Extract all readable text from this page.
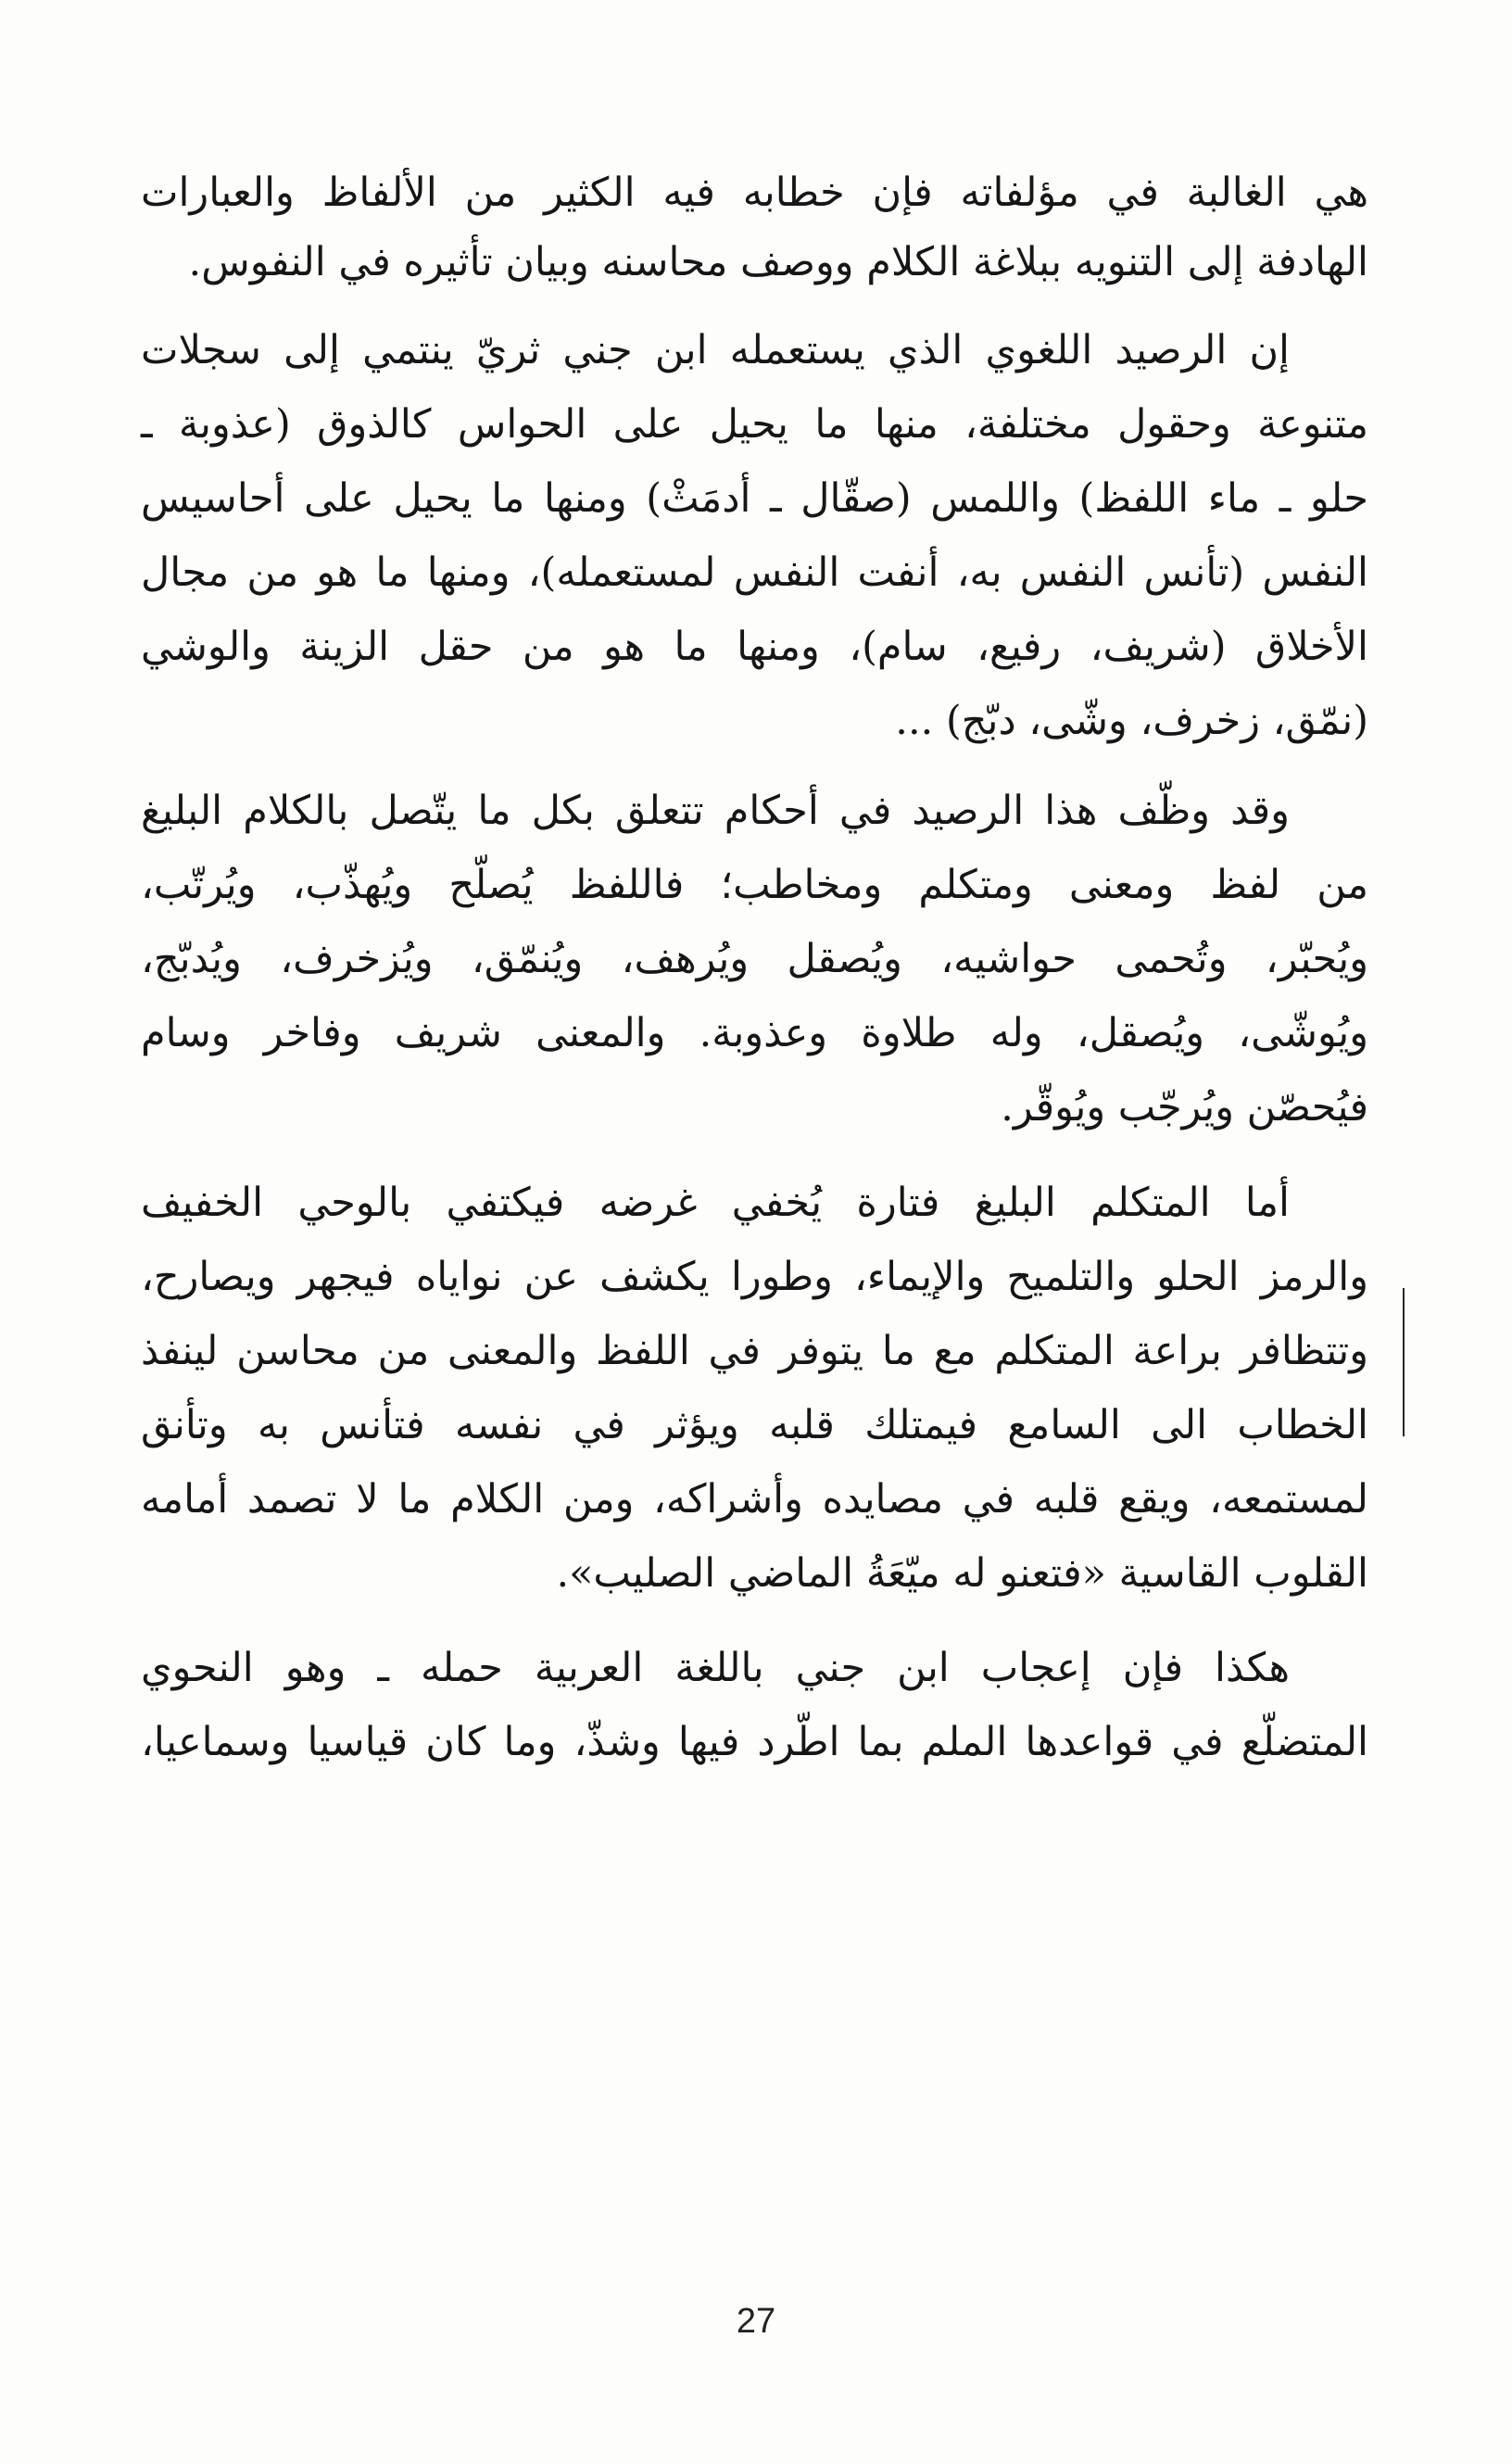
هي الغالبة في مؤلفاته فإن خطابه فيه الكثير من الألفاظ والعبارات
الهادفة إلى التنويه ببلاغة الكلام ووصف محاسنه وبيان تأثيره في النفوس.
إن الرصيد اللغوي الذي يستعمله ابن جني ثريّ ينتمي إلى سجلات
متنوعة وحقول مختلفة، منها ما يحيل على الحواس كالذوق (عذوبة ـ
حلو ـ ماء اللفظ) واللمس (صقّال ـ أدمَثْ) ومنها ما يحيل على أحاسيس
النفس (تأنس النفس به، أنفت النفس لمستعمله)، ومنها ما هو من مجال
الأخلاق (شريف، رفيع، سام)، ومنها ما هو من حقل الزينة والوشي
(نمّق، زخرف، وشّى، دبّج) ...
وقد وظّف هذا الرصيد في أحكام تتعلق بكل ما يتّصل بالكلام البليغ
من لفظ ومعنى ومتكلم ومخاطب؛ فاللفظ يُصلّح ويُهذّب، ويُرتّب،
ويُحبّر، وتُحمى حواشيه، ويُصقل ويُرهف، ويُنمّق، ويُزخرف، ويُدبّج،
ويُوشّى، ويُصقل، وله طلاوة وعذوبة. والمعنى شريف وفاخر وسام
فيُحصّن ويُرجّب ويُوقّر.
أما المتكلم البليغ فتارة يُخفي غرضه فيكتفي بالوحي الخفيف
والرمز الحلو والتلميح والإيماء، وطورا يكشف عن نواياه فيجهر ويصارح،
وتتظافر براعة المتكلم مع ما يتوفر في اللفظ والمعنى من محاسن لينفذ
الخطاب الى السامع فيمتلك قلبه ويؤثر في نفسه فتأنس به وتأنق
لمستمعه، ويقع قلبه في مصايده وأشراكه، ومن الكلام ما لا تصمد أمامه
القلوب القاسية «فتعنو له ميّعَةُ الماضي الصليب».
هكذا فإن إعجاب ابن جني باللغة العربية حمله ـ وهو النحوي
المتضلّع في قواعدها الملم بما اطّرد فيها وشذّ، وما كان قياسيا وسماعيا،
27
